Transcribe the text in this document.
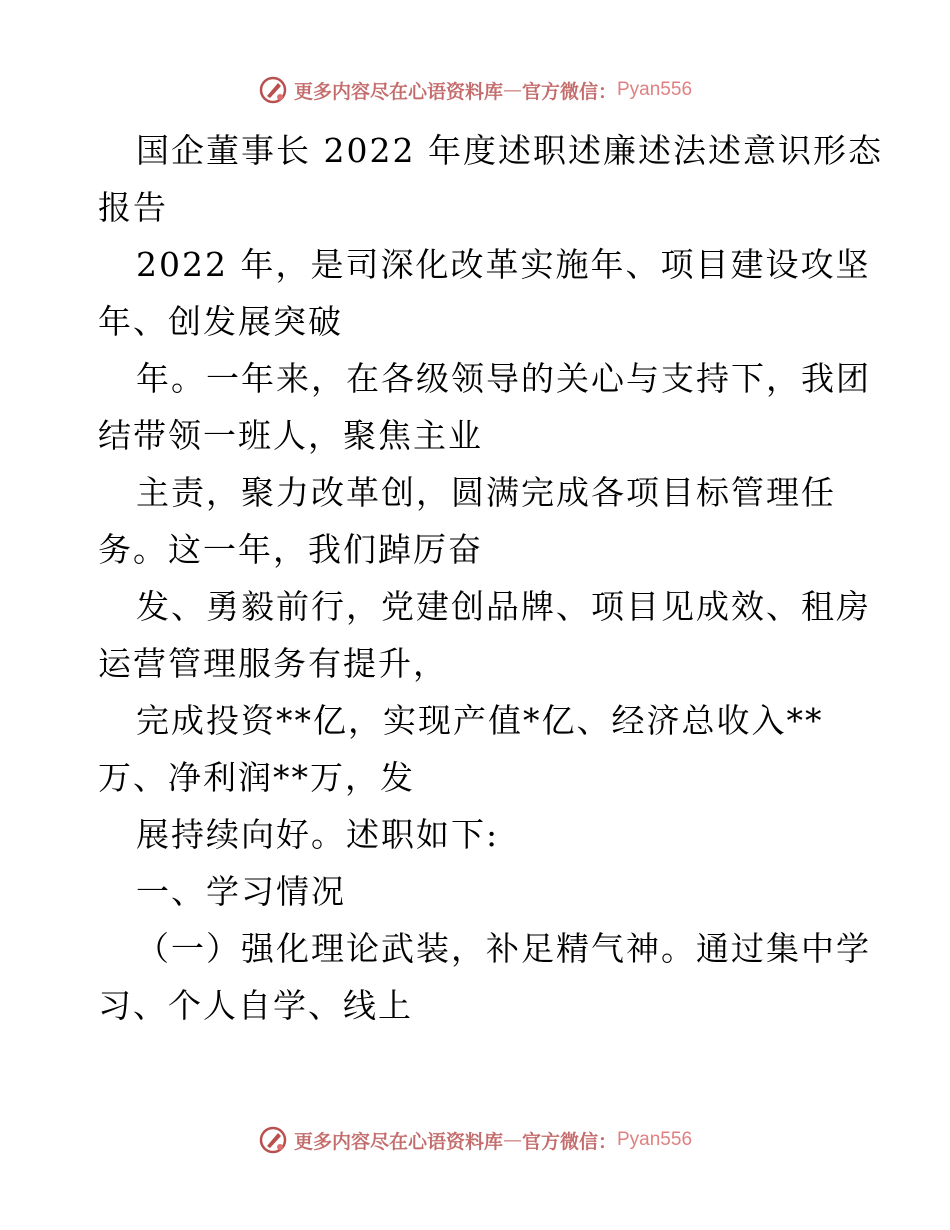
更多内容尽在心语资料库 — 官方微信： Pyan556
国企董事长 2022 年度述职述廉述法述意识形态
报告
2022 年，是司深化改革实施年、项目建设攻坚
年、创发展突破
年。一年来，在各级领导的关心与支持下，我团
结带领一班人，聚焦主业
主责，聚力改革创，圆满完成各项目标管理任
务。这一年，我们踔厉奋
发、勇毅前行，党建创品牌、项目见成效、租房
运营管理服务有提升，
完成投资**亿，实现产值*亿、经济总收入**
万、净利润**万，发
展持续向好。述职如下:
一、学习情况
（一）强化理论武装，补足精气神。通过集中学
习、个人自学、线上
更多内容尽在心语资料库 — 官方微信： Pyan556
